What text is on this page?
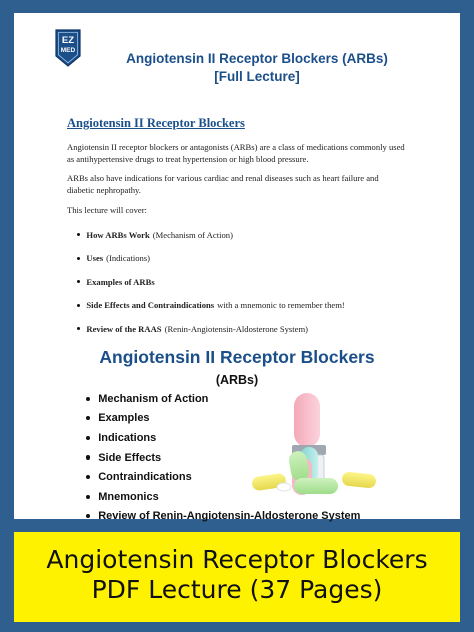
EZ
MED
Angiotensin II Receptor Blockers (ARBs)
[Full Lecture]
Angiotensin II Receptor Blockers
Angiotensin II receptor blockers or antagonists (ARBs) are a class of medications commonly used as antihypertensive drugs to treat hypertension or high blood pressure.
ARBs also have indications for various cardiac and renal diseases such as heart failure and diabetic nephropathy.
This lecture will cover:
How ARBs Work (Mechanism of Action)
Uses (Indications)
Examples of ARBs
Side Effects and Contraindications with a mnemonic to remember them!
Review of the RAAS (Renin-Angiotensin-Aldosterone System)
Angiotensin II Receptor Blockers
(ARBs)
Mechanism of Action
Examples
Indications
Side Effects
Contraindications
Mnemonics
Review of Renin-Angiotensin-Aldosterone System
Angiotensin Receptor Blockers
PDF Lecture (37 Pages)
